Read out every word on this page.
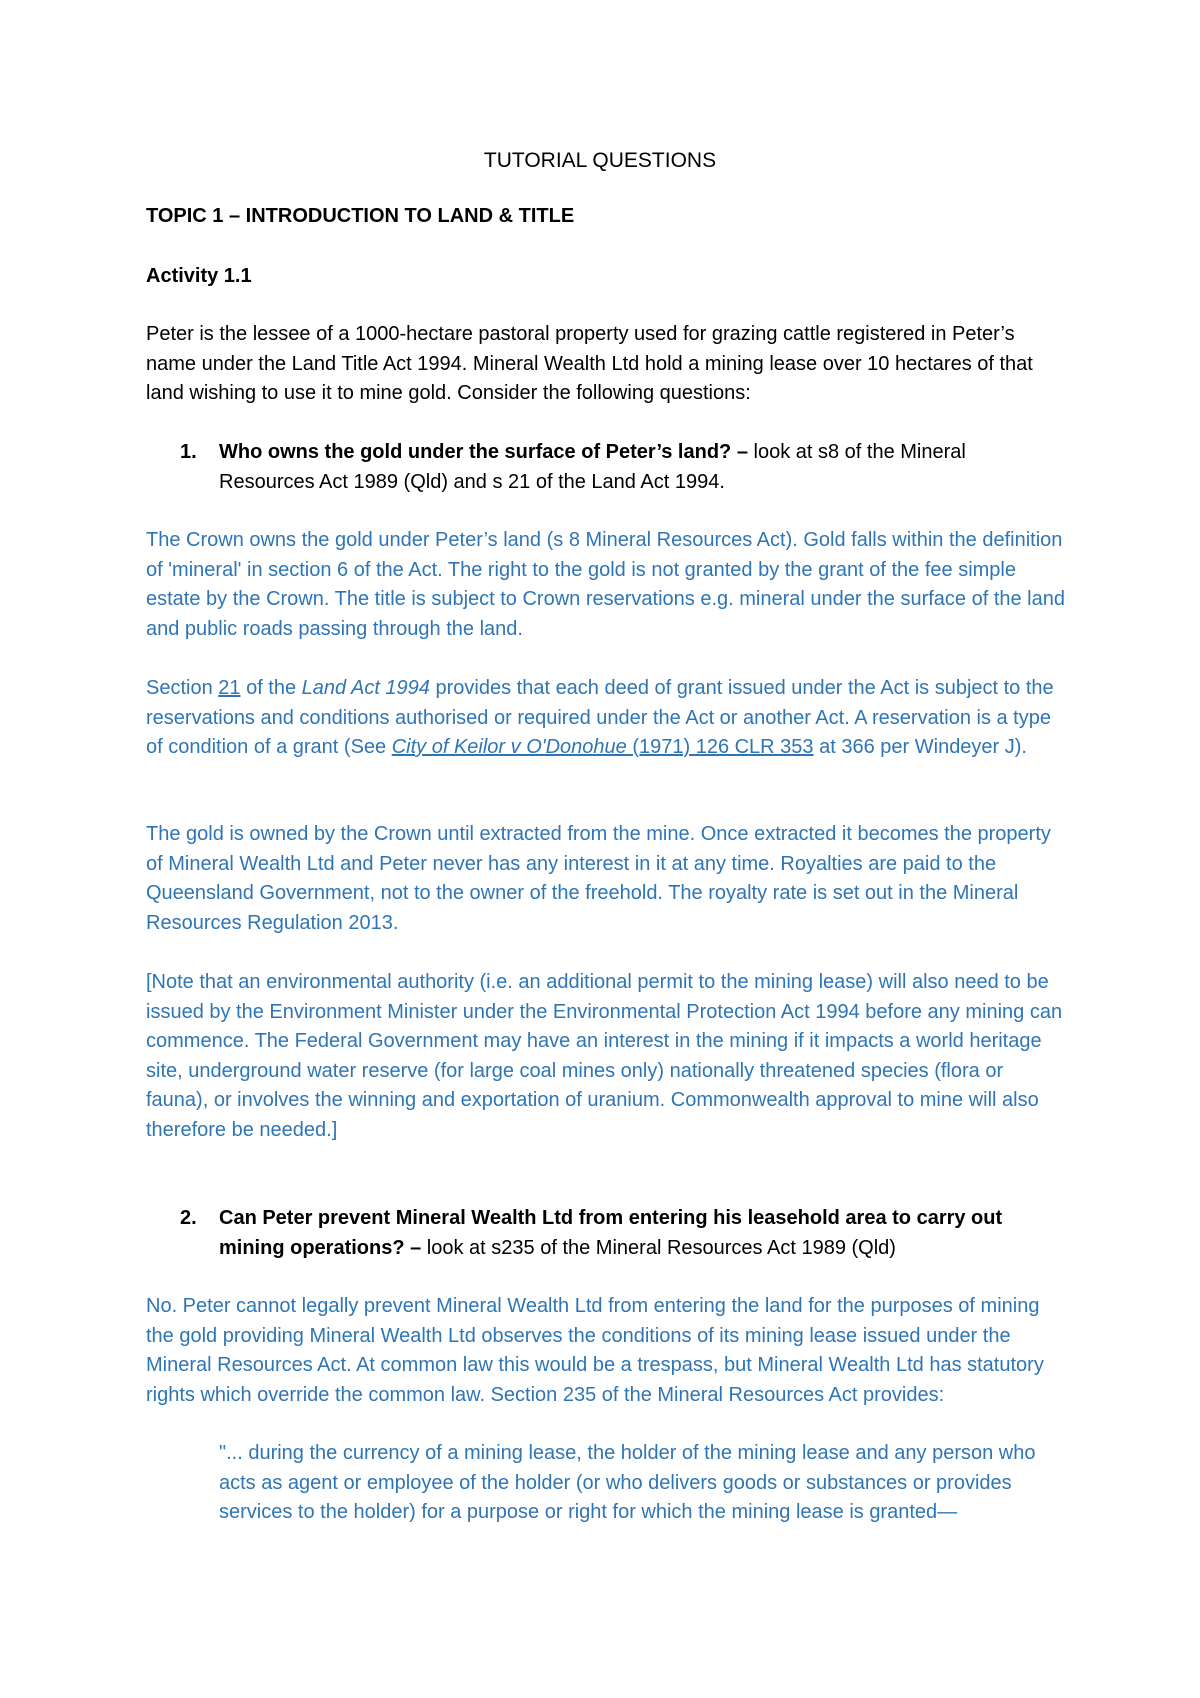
TUTORIAL QUESTIONS

TOPIC 1 – INTRODUCTION TO LAND & TITLE

Activity 1.1

Peter is the lessee of a 1000-hectare pastoral property used for grazing cattle registered in Peter’s name under the Land Title Act 1994. Mineral Wealth Ltd hold a mining lease over 10 hectares of that land wishing to use it to mine gold. Consider the following questions:

1. Who owns the gold under the surface of Peter’s land? – look at s8 of the Mineral Resources Act 1989 (Qld) and s 21 of the Land Act 1994.

The Crown owns the gold under Peter’s land (s 8 Mineral Resources Act). Gold falls within the definition of 'mineral' in section 6 of the Act. The right to the gold is not granted by the grant of the fee simple estate by the Crown. The title is subject to Crown reservations e.g. mineral under the surface of the land and public roads passing through the land.

Section 21 of the Land Act 1994 provides that each deed of grant issued under the Act is subject to the reservations and conditions authorised or required under the Act or another Act. A reservation is a type of condition of a grant (See City of Keilor v O'Donohue (1971) 126 CLR 353 at 366 per Windeyer J).

The gold is owned by the Crown until extracted from the mine. Once extracted it becomes the property of Mineral Wealth Ltd and Peter never has any interest in it at any time. Royalties are paid to the Queensland Government, not to the owner of the freehold. The royalty rate is set out in the Mineral Resources Regulation 2013.

[Note that an environmental authority (i.e. an additional permit to the mining lease) will also need to be issued by the Environment Minister under the Environmental Protection Act 1994 before any mining can commence. The Federal Government may have an interest in the mining if it impacts a world heritage site, underground water reserve (for large coal mines only) nationally threatened species (flora or fauna), or involves the winning and exportation of uranium. Commonwealth approval to mine will also therefore be needed.]

2. Can Peter prevent Mineral Wealth Ltd from entering his leasehold area to carry out mining operations? – look at s235 of the Mineral Resources Act 1989 (Qld)

No. Peter cannot legally prevent Mineral Wealth Ltd from entering the land for the purposes of mining the gold providing Mineral Wealth Ltd observes the conditions of its mining lease issued under the Mineral Resources Act. At common law this would be a trespass, but Mineral Wealth Ltd has statutory rights which override the common law. Section 235 of the Mineral Resources Act provides:

"... during the currency of a mining lease, the holder of the mining lease and any person who acts as agent or employee of the holder (or who delivers goods or substances or provides services to the holder) for a purpose or right for which the mining lease is granted—
